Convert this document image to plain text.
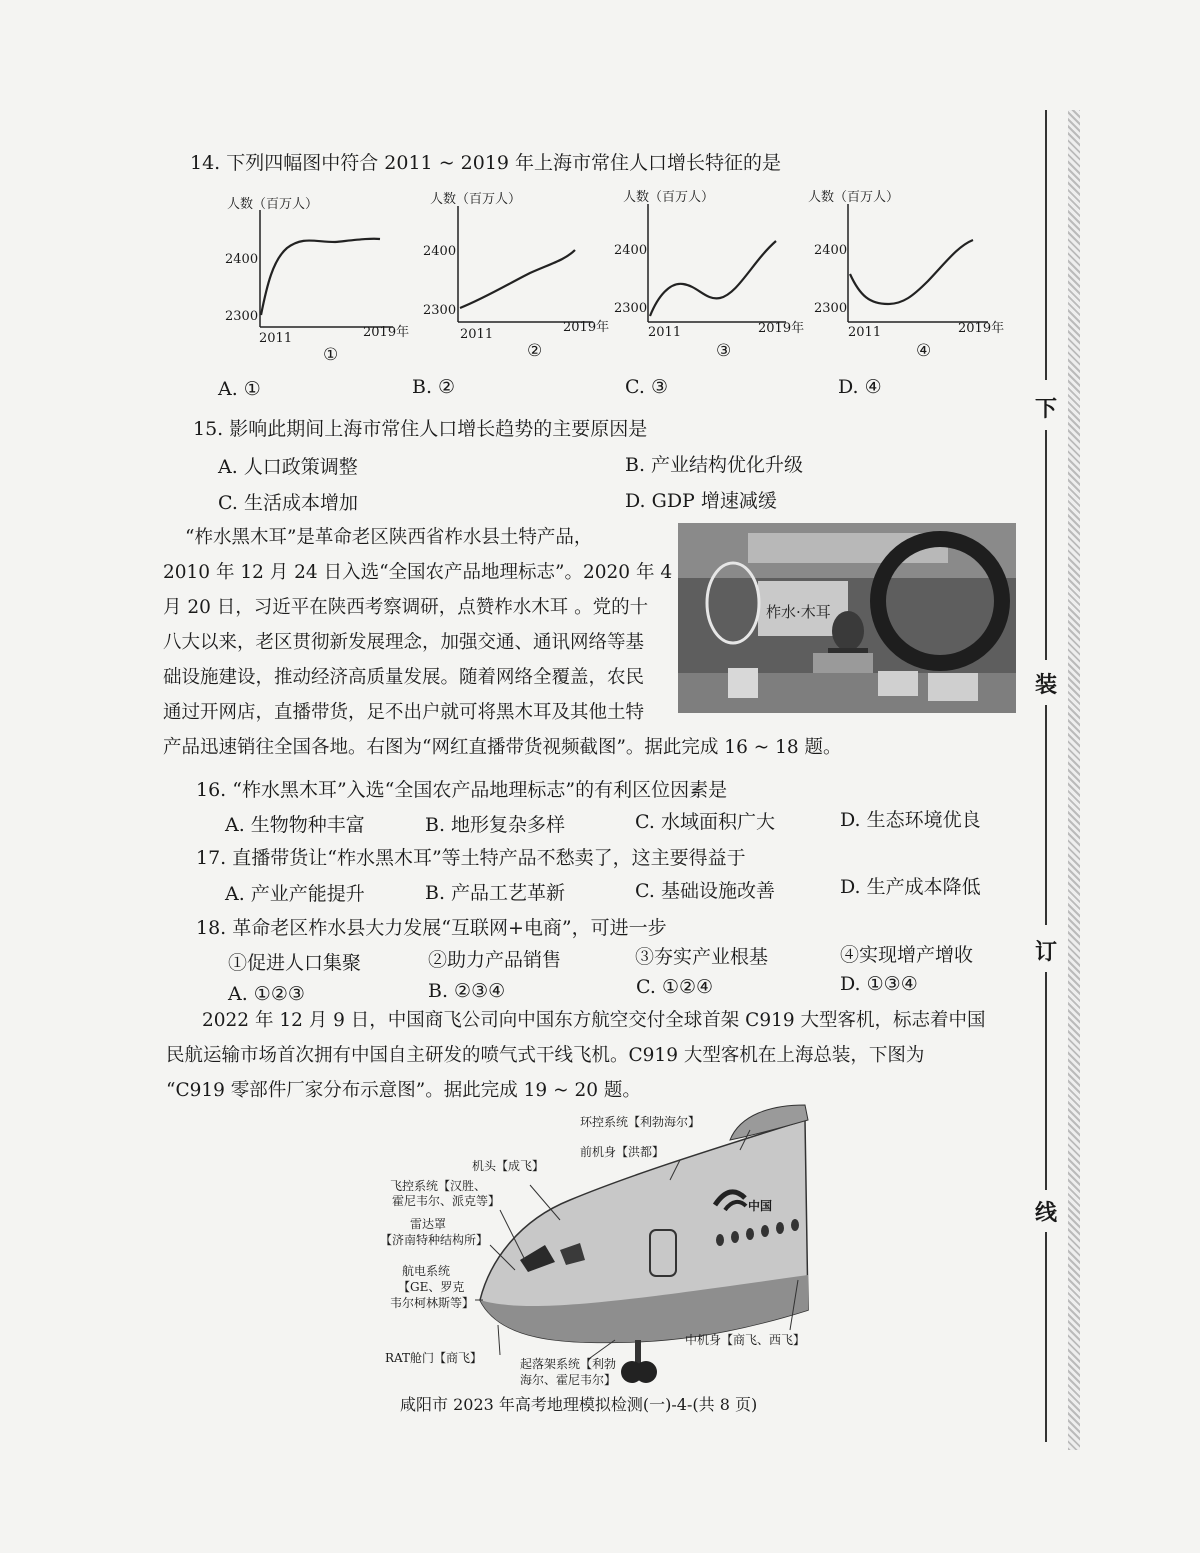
14. 下列四幅图中符合 2011 ~ 2019 年上海市常住人口增长特征的是
人数（百万人）
2400
2300
2011	2019年
①
人数（百万人）
2400
2300
2011	2019年
②
人数（百万人）
2400
2300
2011	2019年
③
人数（百万人）
2400
2300
2011	2019年
④
A. ①	B. ②	C. ③	D. ④
15. 影响此期间上海市常住人口增长趋势的主要原因是
A. 人口政策调整	B. 产业结构优化升级
C. 生活成本增加	D. GDP 增速减缓
“柞水黑木耳”是革命老区陕西省柞水县土特产品，
2010 年 12 月 24 日入选“全国农产品地理标志”。2020 年 4
月 20 日，习近平在陕西考察调研，点赞柞水木耳 。党的十
八大以来，老区贯彻新发展理念，加强交通、通讯网络等基
础设施建设，推动经济高质量发展。随着网络全覆盖，农民
通过开网店，直播带货，足不出户就可将黑木耳及其他土特
产品迅速销往全国各地。右图为“网红直播带货视频截图”。据此完成 16 ~ 18 题。
柞水·木耳
16. “柞水黑木耳”入选“全国农产品地理标志”的有利区位因素是
A. 生物物种丰富	B. 地形复杂多样	C. 水域面积广大	D. 生态环境优良
17. 直播带货让“柞水黑木耳”等土特产品不愁卖了，这主要得益于
A. 产业产能提升	B. 产品工艺革新	C. 基础设施改善	D. 生产成本降低
18. 革命老区柞水县大力发展“互联网+电商”，可进一步
①促进人口集聚	②助力产品销售	③夯实产业根基	④实现增产增收
A. ①②③	B. ②③④	C. ①②④	D. ①③④
2022 年 12 月 9 日，中国商飞公司向中国东方航空交付全球首架 C919 大型客机，标志着中国
民航运输市场首次拥有中国自主研发的喷气式干线飞机。C919 大型客机在上海总装，下图为
“C919 零部件厂家分布示意图”。据此完成 19 ~ 20 题。
中国
环控系统【利勃海尔】
前机身【洪都】
机头【成飞】
飞控系统【汉胜、
霍尼韦尔、派克等】
雷达罩
【济南特种结构所】
航电系统
【GE、罗克
韦尔柯林斯等】
RAT舱门【商飞】	起落架系统【利勃
海尔、霍尼韦尔】
中机身【商飞、西飞】
咸阳市 2023 年高考地理模拟检测(一)-4-(共 8 页)
下
装
订
线
